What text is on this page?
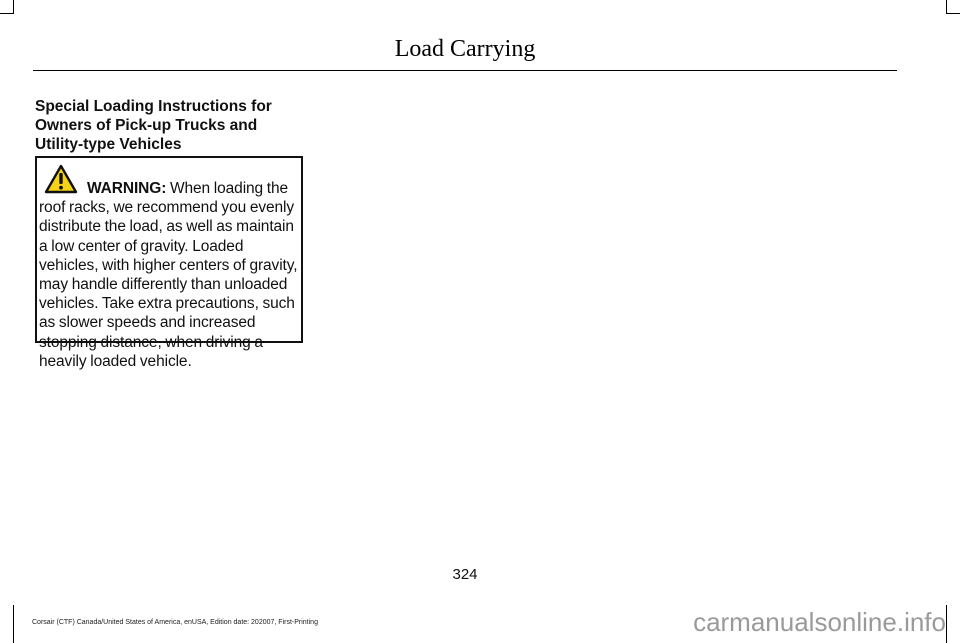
Load Carrying
Special Loading Instructions for Owners of Pick-up Trucks and Utility-type Vehicles
WARNING: When loading the roof racks, we recommend you evenly distribute the load, as well as maintain a low center of gravity. Loaded vehicles, with higher centers of gravity, may handle differently than unloaded vehicles. Take extra precautions, such as slower speeds and increased stopping distance, when driving a heavily loaded vehicle.
324
Corsair (CTF) Canada/United States of America, enUSA, Edition date: 202007, First-Printing	carmanualsonline.info
